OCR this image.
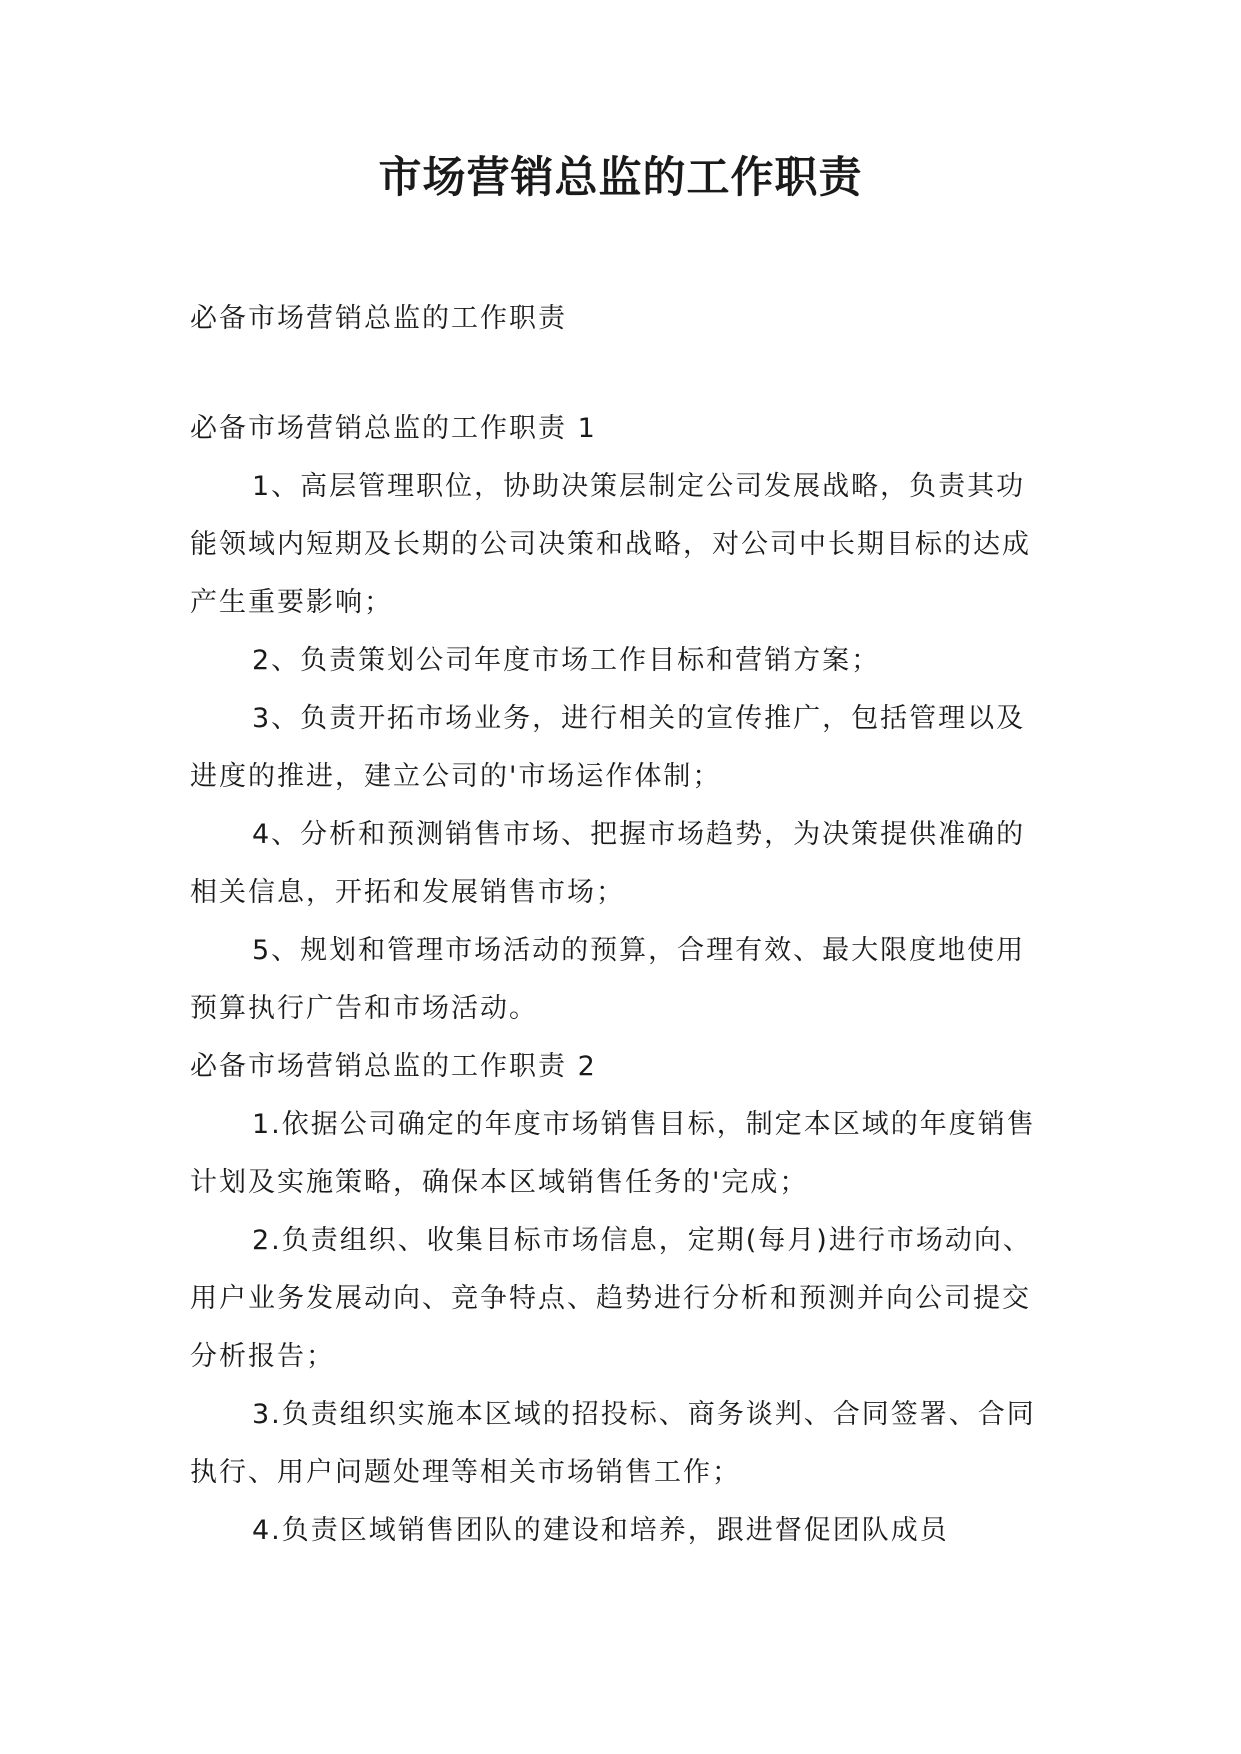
市场营销总监的工作职责

必备市场营销总监的工作职责

必备市场营销总监的工作职责 1

1、高层管理职位，协助决策层制定公司发展战略，负责其功能领域内短期及长期的公司决策和战略，对公司中长期目标的达成产生重要影响；

2、负责策划公司年度市场工作目标和营销方案；

3、负责开拓市场业务，进行相关的宣传推广，包括管理以及进度的推进，建立公司的'市场运作体制；

4、分析和预测销售市场、把握市场趋势，为决策提供准确的相关信息，开拓和发展销售市场；

5、规划和管理市场活动的预算，合理有效、最大限度地使用预算执行广告和市场活动。

必备市场营销总监的工作职责 2

1.依据公司确定的年度市场销售目标，制定本区域的年度销售计划及实施策略，确保本区域销售任务的'完成；

2.负责组织、收集目标市场信息，定期(每月)进行市场动向、用户业务发展动向、竞争特点、趋势进行分析和预测并向公司提交分析报告；

3.负责组织实施本区域的招投标、商务谈判、合同签署、合同执行、用户问题处理等相关市场销售工作；

4.负责区域销售团队的建设和培养，跟进督促团队成员
